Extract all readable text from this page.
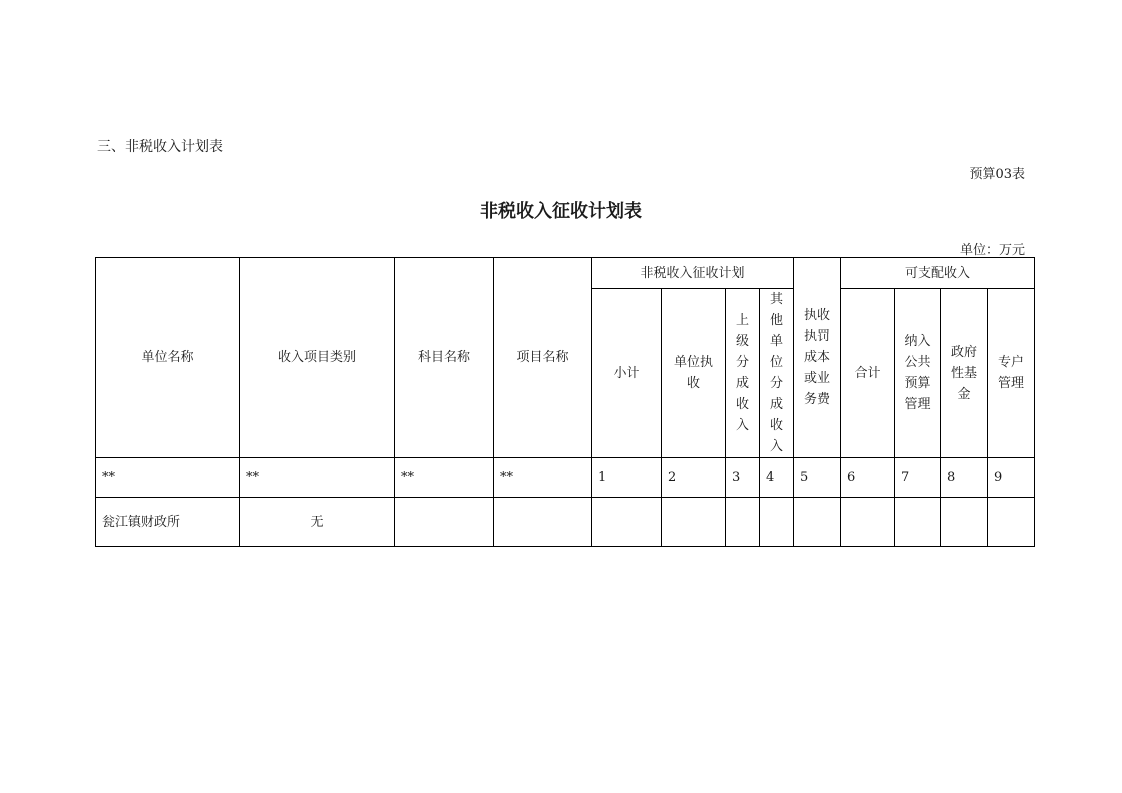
三、非税收入计划表
预算03表
非税收入征收计划表
单位：万元
单位名称	收入项目类别	科目名称	项目名称	非税收入征收计划				执收执罚成本或业务费	可支配收入			
				小计	单位执收	上级分成收入	其他单位分成收入		合计	纳入公共预算管理	政府性基金	专户管理
**	**	**	**	1	2	3	4	5	6	7	8	9
瓮江镇财政所	无											
